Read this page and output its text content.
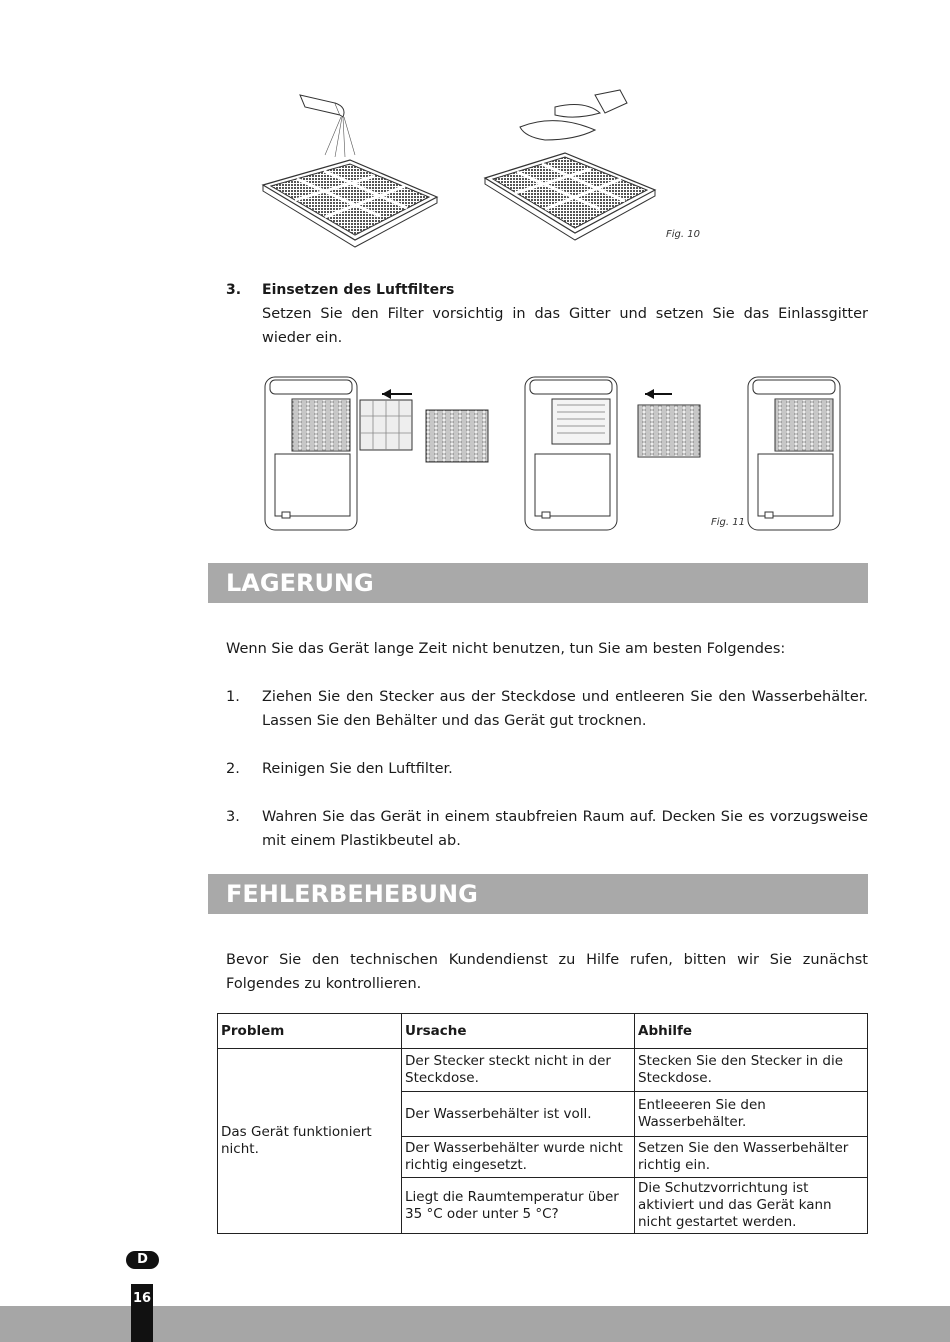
Fig. 10
3. Einsetzen des Luftfilters
Setzen Sie den Filter vorsichtig in das Gitter und setzen Sie das Einlassgitter wieder ein.
Fig. 11
LAGERUNG
Wenn Sie das Gerät lange Zeit nicht benutzen, tun Sie am besten Folgendes:
1. Ziehen Sie den Stecker aus der Steckdose und entleeren Sie den Wasserbehälter. Lassen Sie den Behälter und das Gerät gut trocknen.
2. Reinigen Sie den Luftfilter.
3. Wahren Sie das Gerät in einem staubfreien Raum auf. Decken Sie es vorzugsweise mit einem Plastikbeutel ab.
FEHLERBEHEBUNG
Bevor Sie den technischen Kundendienst zu Hilfe rufen, bitten wir Sie zunächst Folgendes zu kontrollieren.
Problem	Ursache	Abhilfe
Das Gerät funktioniert nicht.	Der Stecker steckt nicht in der Steckdose.	Stecken Sie den Stecker in die Steckdose.
	Der Wasserbehälter ist voll.	Entleeeren Sie den Wasserbehälter.
	Der Wasserbehälter wurde nicht richtig eingesetzt.	Setzen Sie den Wasserbehälter richtig ein.
	Liegt die Raumtemperatur über 35 °C oder unter 5 °C?	Die Schutzvorrichtung ist aktiviert und das Gerät kann nicht gestartet werden.
D
16
